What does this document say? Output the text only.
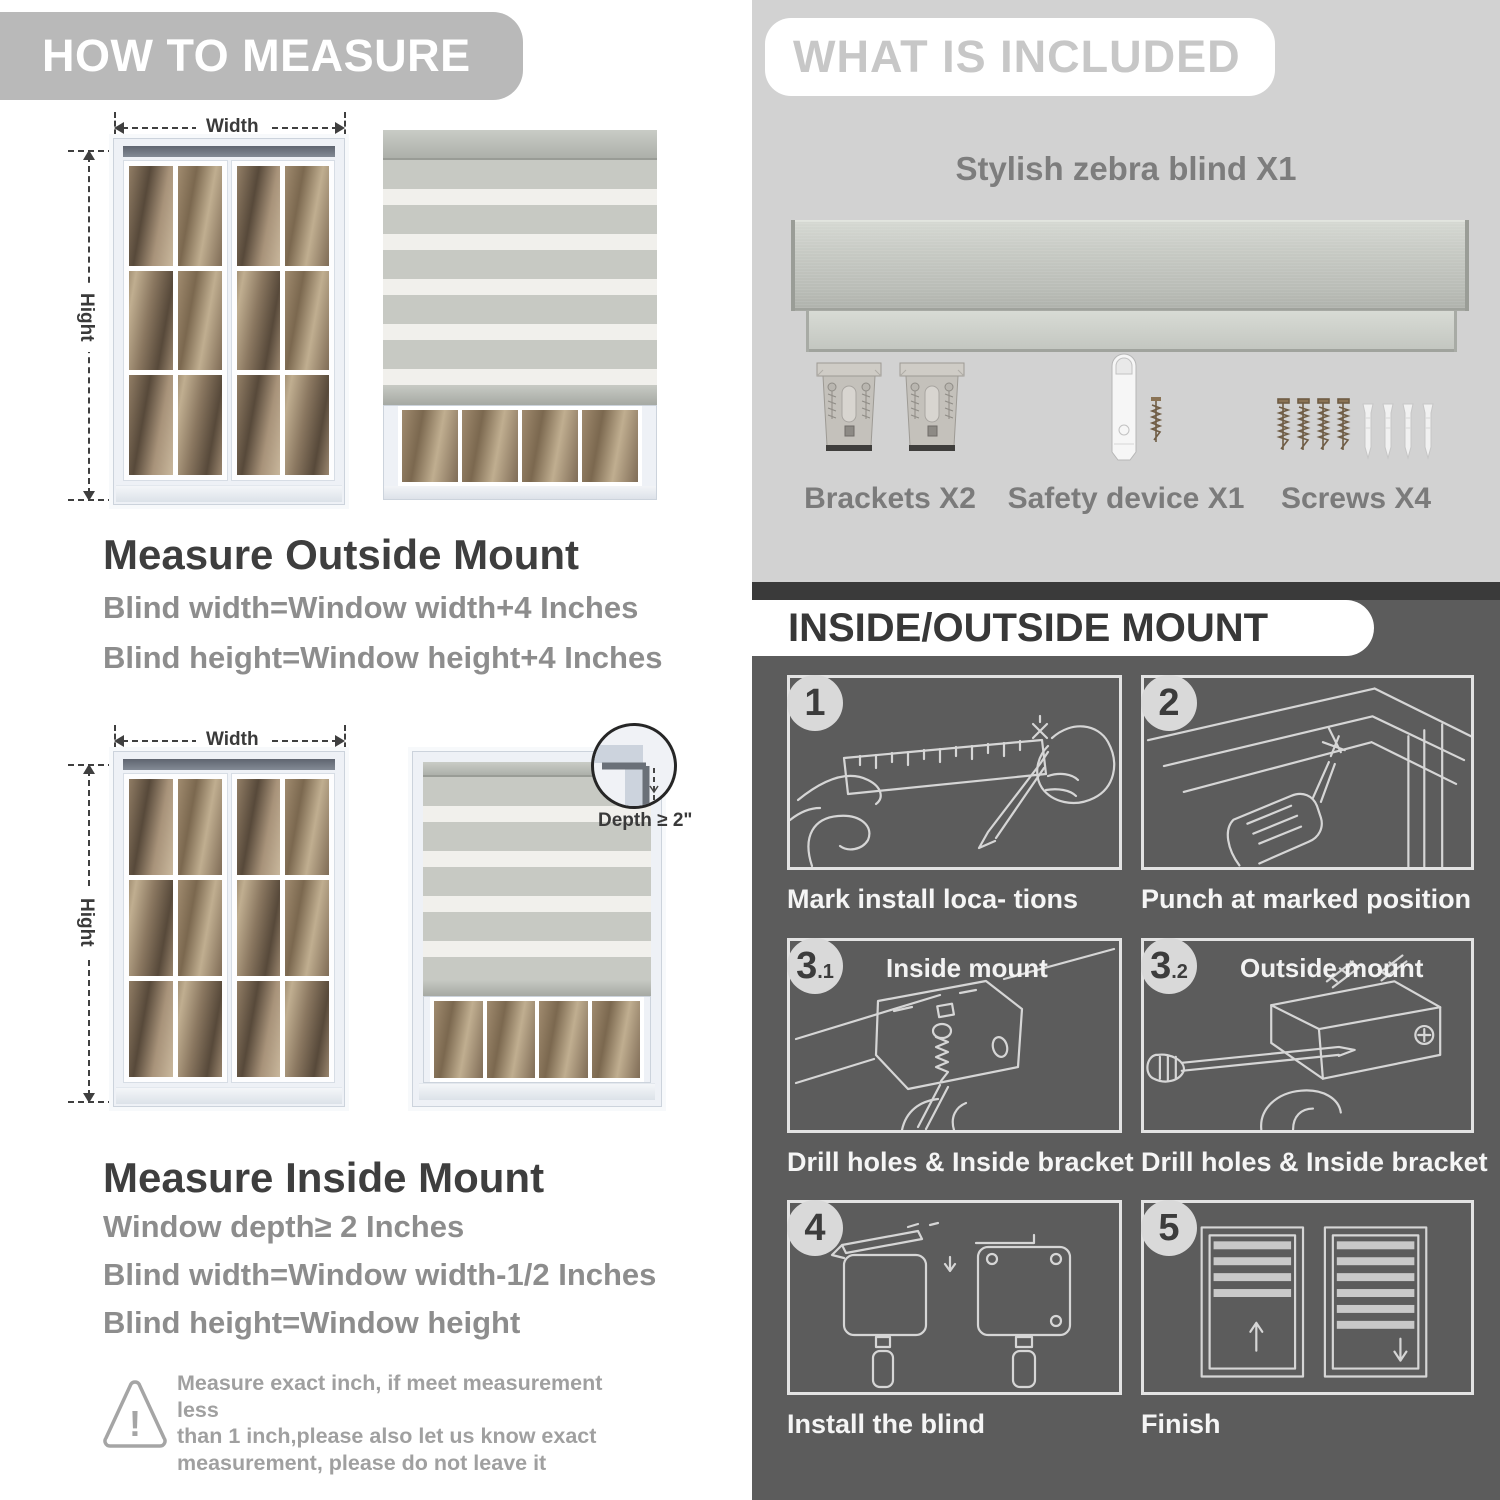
HOW TO MEASURE
Width
Hight
Measure Outside Mount
Blind width=Window width+4 Inches
Blind height=Window height+4 Inches
Width
Hight
Depth ≥ 2"
Measure Inside Mount
Window depth≥ 2 Inches
Blind width=Window width-1/2 Inches
Blind height=Window height
!
Measure exact inch, if meet measurement less
than 1 inch,please also let us know exact
measurement, please do not leave it
WHAT IS INCLUDED
Stylish zebra blind X1
Brackets X2	Safety device X1	Screws X4
INSIDE/OUTSIDE MOUNT
1
Mark install loca- tions
2
Punch at marked position
3.1	Inside mount
Drill holes & Inside bracket
3.2	Outside mount
Drill holes & Inside bracket
4
Install the blind
5
Finish
